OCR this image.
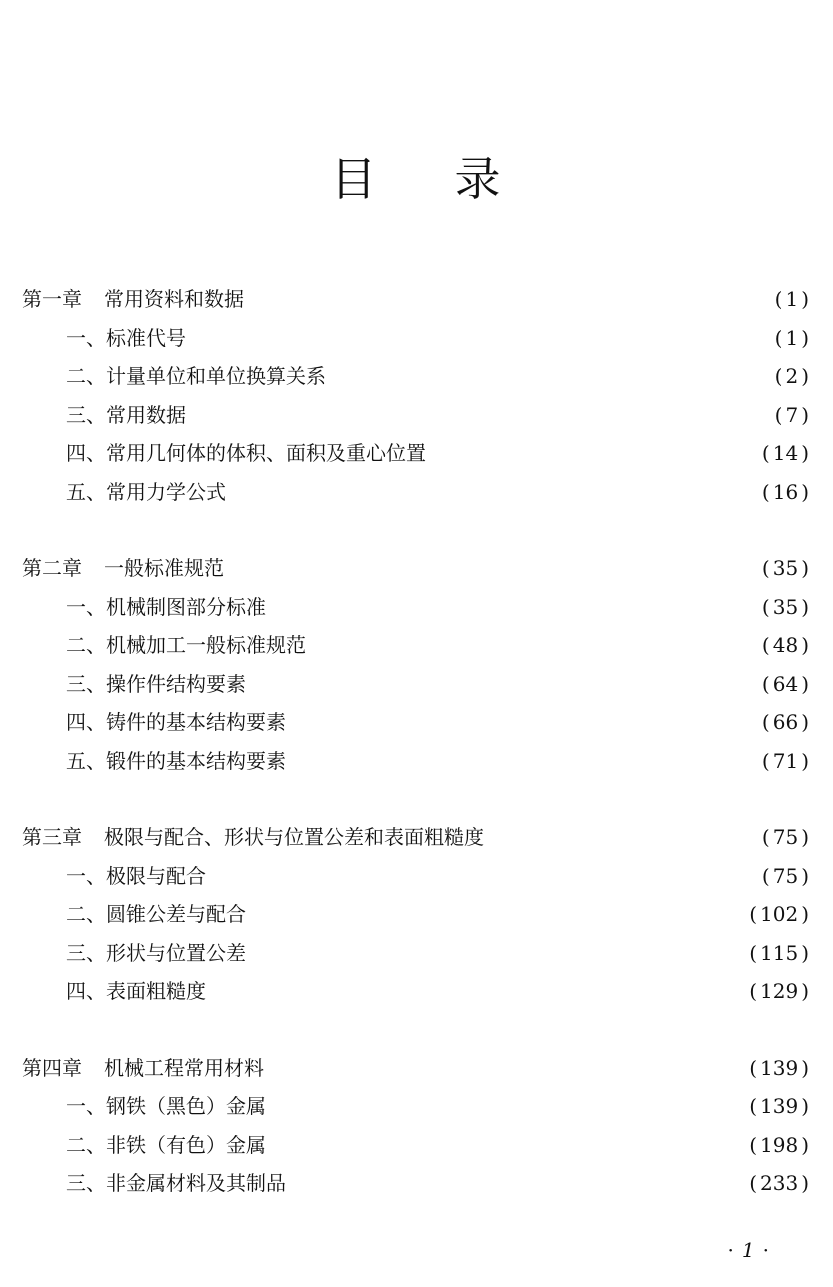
目 录
第一章 常用资料和数据	( 1 )
一、标准代号	( 1 )
二、计量单位和单位换算关系	( 2 )
三、常用数据	( 7 )
四、常用几何体的体积、面积及重心位置	( 14 )
五、常用力学公式	( 16 )
第二章 一般标准规范	( 35 )
一、机械制图部分标准	( 35 )
二、机械加工一般标准规范	( 48 )
三、操作件结构要素	( 64 )
四、铸件的基本结构要素	( 66 )
五、锻件的基本结构要素	( 71 )
第三章 极限与配合、形状与位置公差和表面粗糙度	( 75 )
一、极限与配合	( 75 )
二、圆锥公差与配合	( 102 )
三、形状与位置公差	( 115 )
四、表面粗糙度	( 129 )
第四章 机械工程常用材料	( 139 )
一、钢铁（黑色）金属	( 139 )
二、非铁（有色）金属	( 198 )
三、非金属材料及其制品	( 233 )
· 1 ·
